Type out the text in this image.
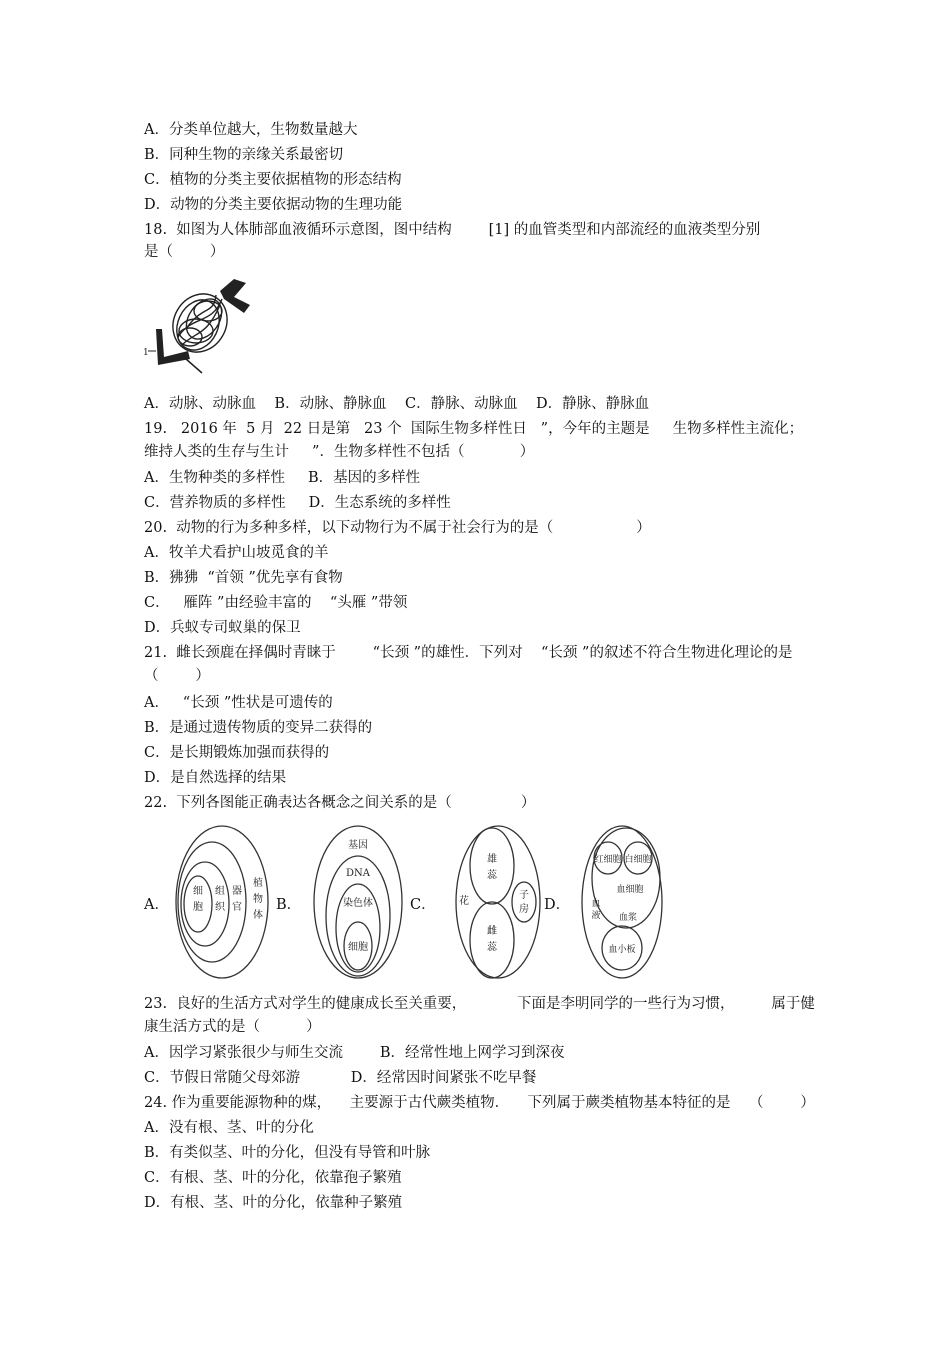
A．分类单位越大，生物数量越大
B．同种生物的亲缘关系最密切
C．植物的分类主要依据植物的形态结构
D．动物的分类主要依据动物的生理功能
18.  如图为人体肺部血液循环示意图，图中结构        [1] 的血管类型和内部流经的血液类型分别
是（        ）
1
A．动脉、动脉血    B．动脉、静脉血    C．静脉、动脉血    D．静脉、静脉血
19.   2016 年  5 月  22 日是第   23 个  国际生物多样性日   ”，今年的主题是     生物多样性主流化；
维持人类的生存与生计     ”．生物多样性不包括（            ）
A．生物种类的多样性     B．基因的多样性
C．营养物质的多样性     D．生态系统的多样性
20.  动物的行为多种多样，以下动物行为不属于社会行为的是（                  ）
A．牧羊犬看护山坡觅食的羊
B．狒狒  “首领 ”优先享有食物
C．   雁阵 ”由经验丰富的    “头雁 ”带领
D．兵蚁专司蚁巢的保卫
21.  雌长颈鹿在择偶时青睐于        “长颈 ”的雄性．下列对    “长颈 ”的叙述不符合生物进化理论的是
（        ）
A．   “长颈 ”性状是可遗传的
B．是通过遗传物质的变异二获得的
C．是长期锻炼加强而获得的
D．是自然选择的结果
22.  下列各图能正确表达各概念之间关系的是（               ）
A．
细
胞
组
织
器
官
植
物
体
B．
基因
DNA
染色体
细胞
C．
雄
蕊
花
子
房
雌
蕊
D．
红细胞 白细胞
血细胞
血
液 血浆
血小板
23.  良好的生活方式对学生的健康成长至关重要，           下面是李明同学的一些行为习惯，        属于健
康生活方式的是（          ）
A．因学习紧张很少与师生交流        B．经常性地上网学习到深夜
C．节假日常随父母郊游           D．经常因时间紧张不吃早餐
24. 作为重要能源物种的煤，    主要源于古代蕨类植物．    下列属于蕨类植物基本特征的是    （        ）
A．没有根、茎、叶的分化
B．有类似茎、叶的分化，但没有导管和叶脉
C．有根、茎、叶的分化，依靠孢子繁殖
D．有根、茎、叶的分化，依靠种子繁殖
